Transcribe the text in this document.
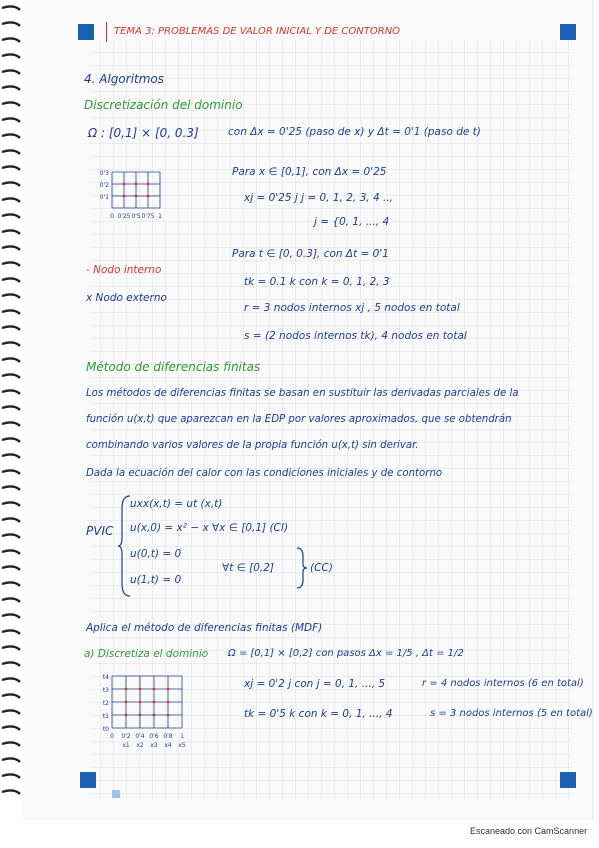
TEMA 3: PROBLEMAS DE VALOR INICIAL Y DE CONTORNO
4. Algoritmos
Discretización del dominio
Ω : [0,1] × [0, 0.3]	con Δx = 0'25 (paso de x) y Δt = 0'1 (paso de t)
0'3
0'2
0'1
0 0'25 0'5 0'75 1
Para x ∈ [0,1], con Δx = 0'25
xj = 0'25 j j = 0, 1, 2, 3, 4 ..,
j = {0, 1, ..., 4
Para t ∈ [0, 0.3], con Δt = 0'1
tk = 0.1 k con k = 0, 1, 2, 3
r = 3 nodos internos xj , 5 nodos en total
s = (2 nodos internos tk), 4 nodos en total
- Nodo interno
x Nodo externo
Método de diferencias finitas
Los métodos de diferencias finitas se basan en sustituir las derivadas parciales de la
función u(x,t) que aparezcan en la EDP por valores aproximados, que se obtendrán
combinando varios valores de la propia función u(x,t) sin derivar.
Dada la ecuación del calor con las condiciones iniciales y de contorno
PVIC
uxx(x,t) = ut (x,t)
u(x,0) = x² − x ∀x ∈ [0,1] (CI)
u(0,t) = 0
u(1,t) = 0
∀t ∈ [0,2]	(CC)
Aplica el método de diferencias finitas (MDF)
a) Discretiza el dominio Ω = [0,1] × [0,2] con pasos Δx = 1/5 , Δt = 1/2
t4
t3
t2
t1
t0
0 0'2 0'4 0'6 0'8 1
x1 x2 x3 x4 x5
xj = 0'2 j con j = 0, 1, ..., 5	r = 4 nodos internos (6 en total)
tk = 0'5 k con k = 0, 1, ..., 4	s = 3 nodos internos (5 en total)
Escaneado con CamScanner
